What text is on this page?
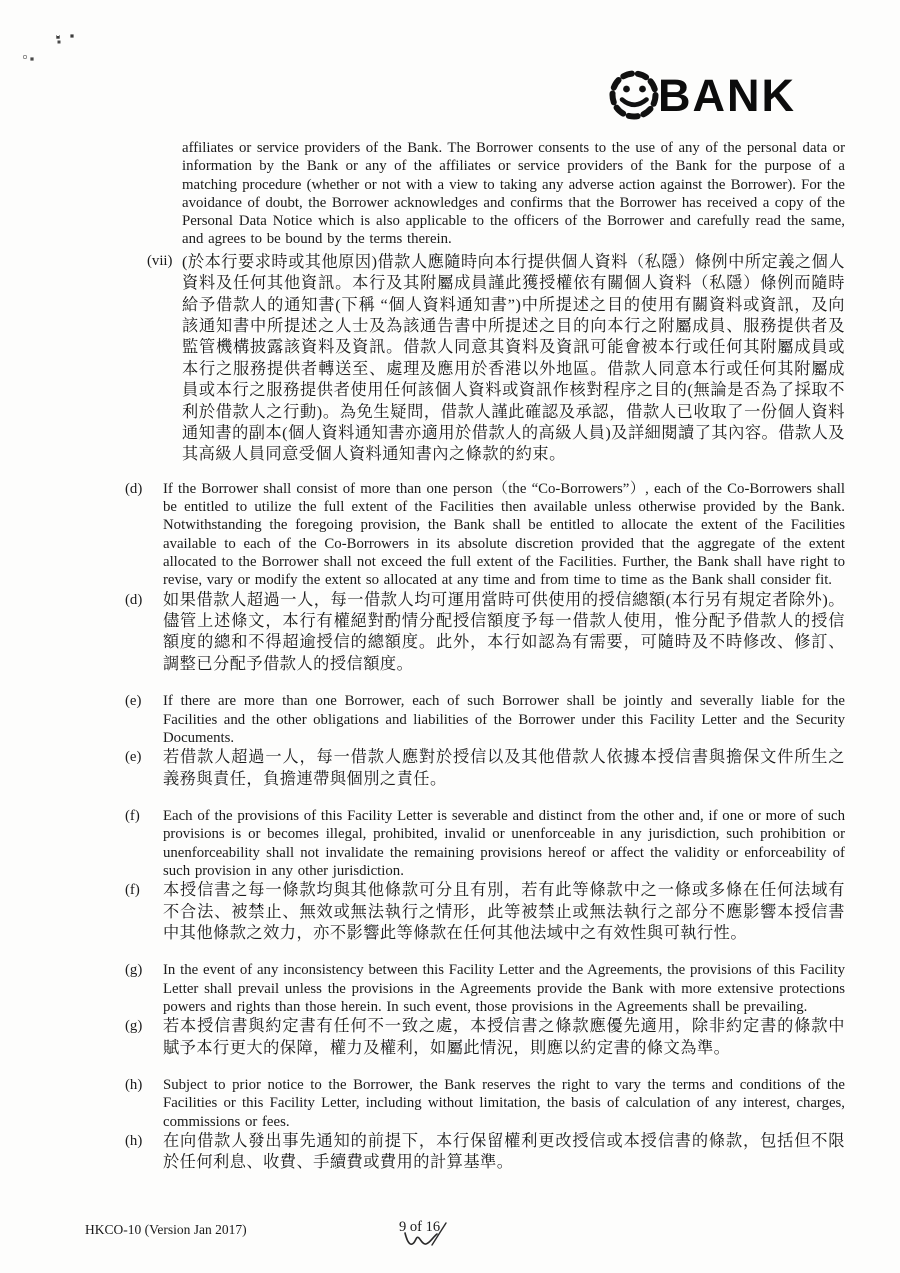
BANK

affiliates or service providers of the Bank. The Borrower consents to the use of any of the personal data or information by the Bank or any of the affiliates or service providers of the Bank for the purpose of a matching procedure (whether or not with a view to taking any adverse action against the Borrower). For the avoidance of doubt, the Borrower acknowledges and confirms that the Borrower has received a copy of the Personal Data Notice which is also applicable to the officers of the Borrower and carefully read the same, and agrees to be bound by the terms therein.

(vii) (於本行要求時或其他原因)借款人應隨時向本行提供個人資料（私隱）條例中所定義之個人資料及任何其他資訊。本行及其附屬成員謹此獲授權依有關個人資料（私隱）條例而隨時給予借款人的通知書(下稱 “個人資料通知書”)中所提述之目的使用有關資料或資訊，及向該通知書中所提述之人士及為該通告書中所提述之目的向本行之附屬成員、服務提供者及監管機構披露該資料及資訊。借款人同意其資料及資訊可能會被本行或任何其附屬成員或本行之服務提供者轉送至、處理及應用於香港以外地區。借款人同意本行或任何其附屬成員或本行之服務提供者使用任何該個人資料或資訊作核對程序之目的(無論是否為了採取不利於借款人之行動)。為免生疑問，借款人謹此確認及承認，借款人已收取了一份個人資料通知書的副本(個人資料通知書亦適用於借款人的高級人員)及詳細閱讀了其內容。借款人及其高級人員同意受個人資料通知書內之條款的約束。

(d)	If the Borrower shall consist of more than one person（the “Co-Borrowers”）, each of the Co-Borrowers shall be entitled to utilize the full extent of the Facilities then available unless otherwise provided by the Bank. Notwithstanding the foregoing provision, the Bank shall be entitled to allocate the extent of the Facilities available to each of the Co-Borrowers in its absolute discretion provided that the aggregate of the extent allocated to the Borrower shall not exceed the full extent of the Facilities. Further, the Bank shall have right to revise, vary or modify the extent so allocated at any time and from time to time as the Bank shall consider fit.

(d)	如果借款人超過一人，每一借款人均可運用當時可供使用的授信總額(本行另有規定者除外)。儘管上述條文，本行有權絕對酌情分配授信額度予每一借款人使用，惟分配予借款人的授信額度的總和不得超逾授信的總額度。此外，本行如認為有需要，可隨時及不時修改、修訂、調整已分配予借款人的授信額度。

(e)	If there are more than one Borrower, each of such Borrower shall be jointly and severally liable for the Facilities and the other obligations and liabilities of the Borrower under this Facility Letter and the Security Documents.

(e)	若借款人超過一人，每一借款人應對於授信以及其他借款人依據本授信書與擔保文件所生之義務與責任，負擔連帶與個別之責任。

(f)	Each of the provisions of this Facility Letter is severable and distinct from the other and, if one or more of such provisions is or becomes illegal, prohibited, invalid or unenforceable in any jurisdiction, such prohibition or unenforceability shall not invalidate the remaining provisions hereof or affect the validity or enforceability of such provision in any other jurisdiction.

(f)	本授信書之每一條款均與其他條款可分且有別，若有此等條款中之一條或多條在任何法域有不合法、被禁止、無效或無法執行之情形，此等被禁止或無法執行之部分不應影響本授信書中其他條款之效力，亦不影響此等條款在任何其他法域中之有效性與可執行性。

(g)	In the event of any inconsistency between this Facility Letter and the Agreements, the provisions of this Facility Letter shall prevail unless the provisions in the Agreements provide the Bank with more extensive protections powers and rights than those herein. In such event, those provisions in the Agreements shall be prevailing.

(g)	若本授信書與約定書有任何不一致之處，本授信書之條款應優先適用，除非約定書的條款中賦予本行更大的保障，權力及權利，如屬此情況，則應以約定書的條文為準。

(h)	Subject to prior notice to the Borrower, the Bank reserves the right to vary the terms and conditions of the Facilities or this Facility Letter, including without limitation, the basis of calculation of any interest, charges, commissions or fees.

(h)	在向借款人發出事先通知的前提下，本行保留權利更改授信或本授信書的條款，包括但不限於任何利息、收費、手續費或費用的計算基準。

HKCO-10 (Version Jan 2017)	9 of 16
